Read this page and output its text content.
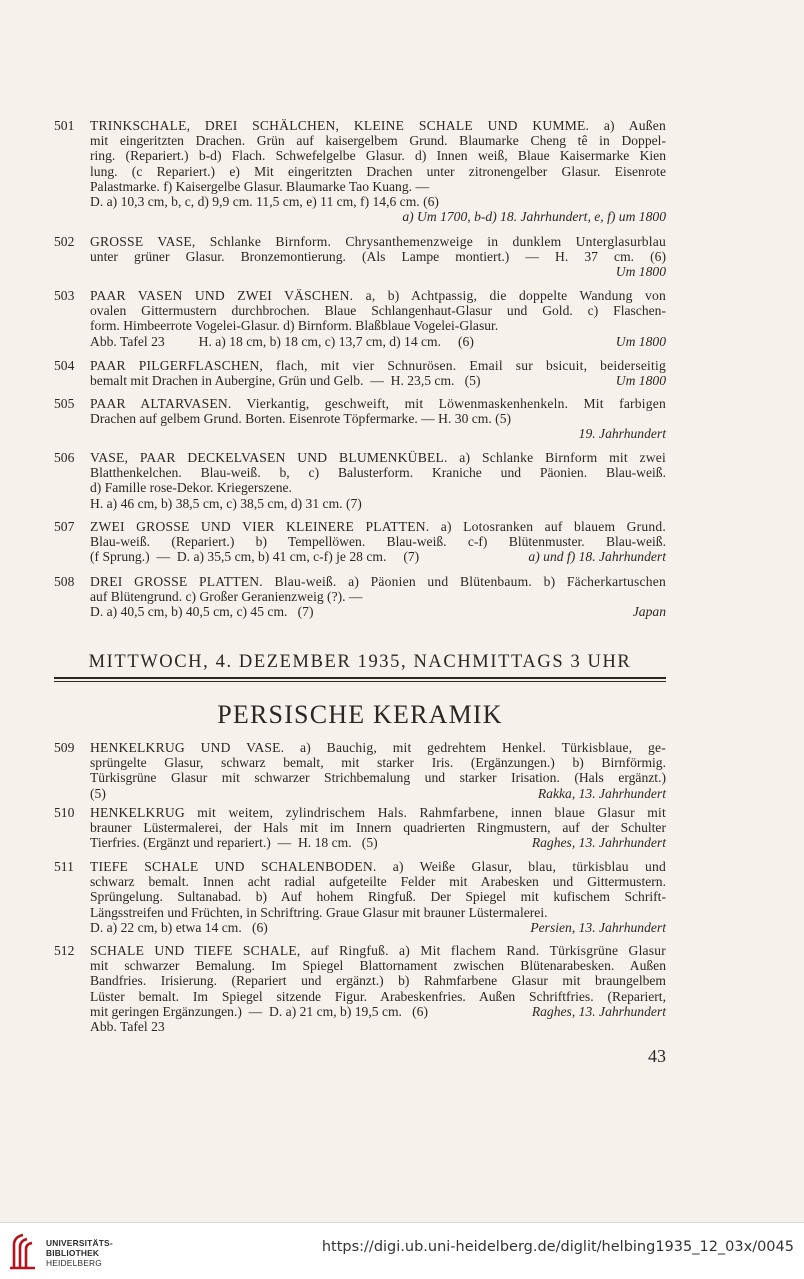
501	TRINKSCHALE, DREI SCHÄLCHEN, KLEINE SCHALE UND KUMME. a) Außen
mit eingeritzten Drachen. Grün auf kaisergelbem Grund. Blaumarke Cheng tê in Doppel-
ring. (Repariert.) b-d) Flach. Schwefelgelbe Glasur. d) Innen weiß, Blaue Kaisermarke Kien
lung. (c Repariert.) e) Mit eingeritzten Drachen unter zitronengelber Glasur. Eisenrote
Palastmarke. f) Kaisergelbe Glasur. Blaumarke Tao Kuang. —
D. a) 10,3 cm, b, c, d) 9,9 cm. 11,5 cm, e) 11 cm, f) 14,6 cm. (6)
a) Um 1700, b-d) 18. Jahrhundert, e, f) um 1800
502	GROSSE VASE, Schlanke Birnform. Chrysanthemenzweige in dunklem Unterglasurblau
unter grüner Glasur. Bronzemontierung. (Als Lampe montiert.) — H. 37 cm. (6)
Um 1800
503	PAAR VASEN UND ZWEI VÄSCHEN. a, b) Achtpassig, die doppelte Wandung von
ovalen Gittermustern durchbrochen. Blaue Schlangenhaut-Glasur und Gold. c) Flaschen-
form. Himbeerrote Vogelei-Glasur. d) Birnform. Blaßblaue Vogelei-Glasur.
Abb. Tafel 23          H. a) 18 cm, b) 18 cm, c) 13,7 cm, d) 14 cm.     (6)	Um 1800
504	PAAR PILGERFLASCHEN, flach, mit vier Schnurösen. Email sur bsicuit, beiderseitig
bemalt mit Drachen in Aubergine, Grün und Gelb.  —  H. 23,5 cm.   (5)	Um 1800
505	PAAR ALTARVASEN. Vierkantig, geschweift, mit Löwenmaskenhenkeln. Mit farbigen
Drachen auf gelbem Grund. Borten. Eisenrote Töpfermarke. — H. 30 cm. (5)
19. Jahrhundert
506	VASE, PAAR DECKELVASEN UND BLUMENKÜBEL. a) Schlanke Birnform mit zwei
Blatthenkelchen. Blau-weiß. b, c) Balusterform. Kraniche und Päonien. Blau-weiß.
d) Famille rose-Dekor. Kriegerszene.
H. a) 46 cm, b) 38,5 cm, c) 38,5 cm, d) 31 cm. (7)
507	ZWEI GROSSE UND VIER KLEINERE PLATTEN. a) Lotosranken auf blauem Grund.
Blau-weiß. (Repariert.) b) Tempellöwen. Blau-weiß. c-f) Blütenmuster. Blau-weiß.
(f Sprung.)  —  D. a) 35,5 cm, b) 41 cm, c-f) je 28 cm.     (7)	a) und f) 18. Jahrhundert
508	DREI GROSSE PLATTEN. Blau-weiß. a) Päonien und Blütenbaum. b) Fächerkartuschen
auf Blütengrund. c) Großer Geranienzweig (?). —
D. a) 40,5 cm, b) 40,5 cm, c) 45 cm.   (7)	Japan
MITTWOCH, 4. DEZEMBER 1935, NACHMITTAGS 3 UHR
PERSISCHE KERAMIK
509	HENKELKRUG UND VASE. a) Bauchig, mit gedrehtem Henkel. Türkisblaue, ge-
sprüngelte Glasur, schwarz bemalt, mit starker Iris. (Ergänzungen.) b) Birnförmig.
Türkisgrüne Glasur mit schwarzer Strichbemalung und starker Irisation. (Hals ergänzt.)
(5)	Rakka, 13. Jahrhundert
510	HENKELKRUG mit weitem, zylindrischem Hals. Rahmfarbene, innen blaue Glasur mit
brauner Lüstermalerei, der Hals mit im Innern quadrierten Ringmustern, auf der Schulter
Tierfries. (Ergänzt und repariert.)  —  H. 18 cm.   (5)	Raghes, 13. Jahrhundert
511	TIEFE SCHALE UND SCHALENBODEN. a) Weiße Glasur, blau, türkisblau und
schwarz bemalt. Innen acht radial aufgeteilte Felder mit Arabesken und Gittermustern.
Sprüngelung. Sultanabad. b) Auf hohem Ringfuß. Der Spiegel mit kufischem Schrift-
Längsstreifen und Früchten, in Schriftring. Graue Glasur mit brauner Lüstermalerei.
D. a) 22 cm, b) etwa 14 cm.   (6)	Persien, 13. Jahrhundert
512	SCHALE UND TIEFE SCHALE, auf Ringfuß. a) Mit flachem Rand. Türkisgrüne Glasur
mit schwarzer Bemalung. Im Spiegel Blattornament zwischen Blütenarabesken. Außen
Bandfries. Irisierung. (Repariert und ergänzt.) b) Rahmfarbene Glasur mit braungelbem
Lüster bemalt. Im Spiegel sitzende Figur. Arabeskenfries. Außen Schriftfries. (Repariert,
mit geringen Ergänzungen.)  —  D. a) 21 cm, b) 19,5 cm.   (6)	Raghes, 13. Jahrhundert
Abb. Tafel 23
43
UNIVERSITÄTS-
BIBLIOTHEK
HEIDELBERG
https://digi.ub.uni-heidelberg.de/diglit/helbing1935_12_03x/0045
